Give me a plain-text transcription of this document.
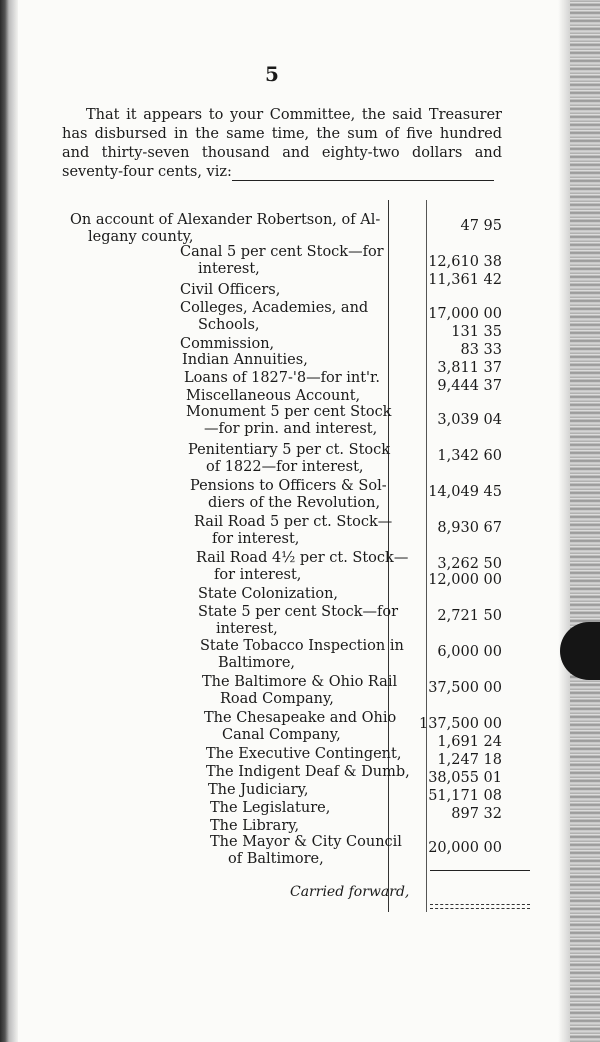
5

That it appears to your Committee, the said Treasurer has disbursed in the same time, the sum of five hundred and thirty-seven thousand and eighty-two dollars and seventy-four cents, viz:

On account of Alexander Robertson, of Al-
legany county,
47 95
Canal 5 per cent Stock—for
interest,	12,610 38
Civil Officers,
11,361 42
Colleges, Academies, and
Schools,
17,000 00
Commission,
131 35
Indian Annuities,
83 33
Loans of 1827-'8—for int'r.
3,811 37
Miscellaneous Account,
9,444 37
Monument 5 per cent Stock
—for prin. and interest,
3,039 04
Penitentiary 5 per ct. Stock
of 1822—for interest,
1,342 60
Pensions to Officers & Sol-
diers of the Revolution,
14,049 45
Rail Road 5 per ct. Stock—
for interest,
8,930 67
Rail Road 4½ per ct. Stock—
for interest,
3,262 50
State Colonization,
12,000 00
State 5 per cent Stock—for
interest,
2,721 50
State Tobacco Inspection in
Baltimore,
6,000 00
The Baltimore & Ohio Rail
Road Company,
37,500 00
The Chesapeake and Ohio
Canal Company,
137,500 00
The Executive Contingent,
1,691 24
The Indigent Deaf & Dumb,
1,247 18
The Judiciary,
38,055 01
The Legislature,
51,171 08
The Library,
897 32
The Mayor & City Council
of Baltimore,
20,000 00
Carried forward,
